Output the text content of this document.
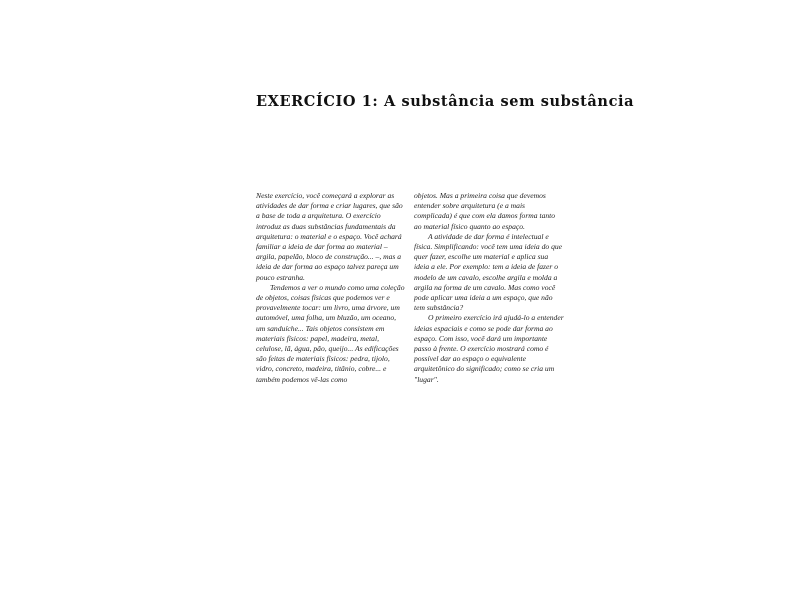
EXERCÍCIO 1: A substância sem substância

Neste exercício, você começará a explorar as atividades de dar forma e criar lugares, que são a base de toda a arquitetura. O exercício introduz as duas substâncias fundamentais da arquitetura: o material e o espaço. Você achará familiar a ideia de dar forma ao material – argila, papelão, bloco de construção... –, mas a ideia de dar forma ao espaço talvez pareça um pouco estranha.

Tendemos a ver o mundo como uma coleção de objetos, coisas físicas que podemos ver e provavelmente tocar: um livro, uma árvore, um automóvel, uma folha, um bluzão, um oceano, um sanduíche... Tais objetos consistem em materiais físicos: papel, madeira, metal, celulose, lã, água, pão, queijo... As edificações são feitas de materiais físicos: pedra, tijolo, vidro, concreto, madeira, titânio, cobre... e também podemos vê-las como

objetos. Mas a primeira coisa que devemos entender sobre arquitetura (e a mais complicada) é que com ela damos forma tanto ao material físico quanto ao espaço.

A atividade de dar forma é intelectual e física. Simplificando: você tem uma ideia do que quer fazer, escolhe um material e aplica sua ideia a ele. Por exemplo: tem a ideia de fazer o modelo de um cavalo, escolhe argila e molda a argila na forma de um cavalo. Mas como você pode aplicar uma ideia a um espaço, que não tem substância?

O primeiro exercício irá ajudá-lo a entender ideias espaciais e como se pode dar forma ao espaço. Com isso, você dará um importante passo à frente. O exercício mostrará como é possível dar ao espaço o equivalente arquitetônico do significado; como se cria um "lugar".
